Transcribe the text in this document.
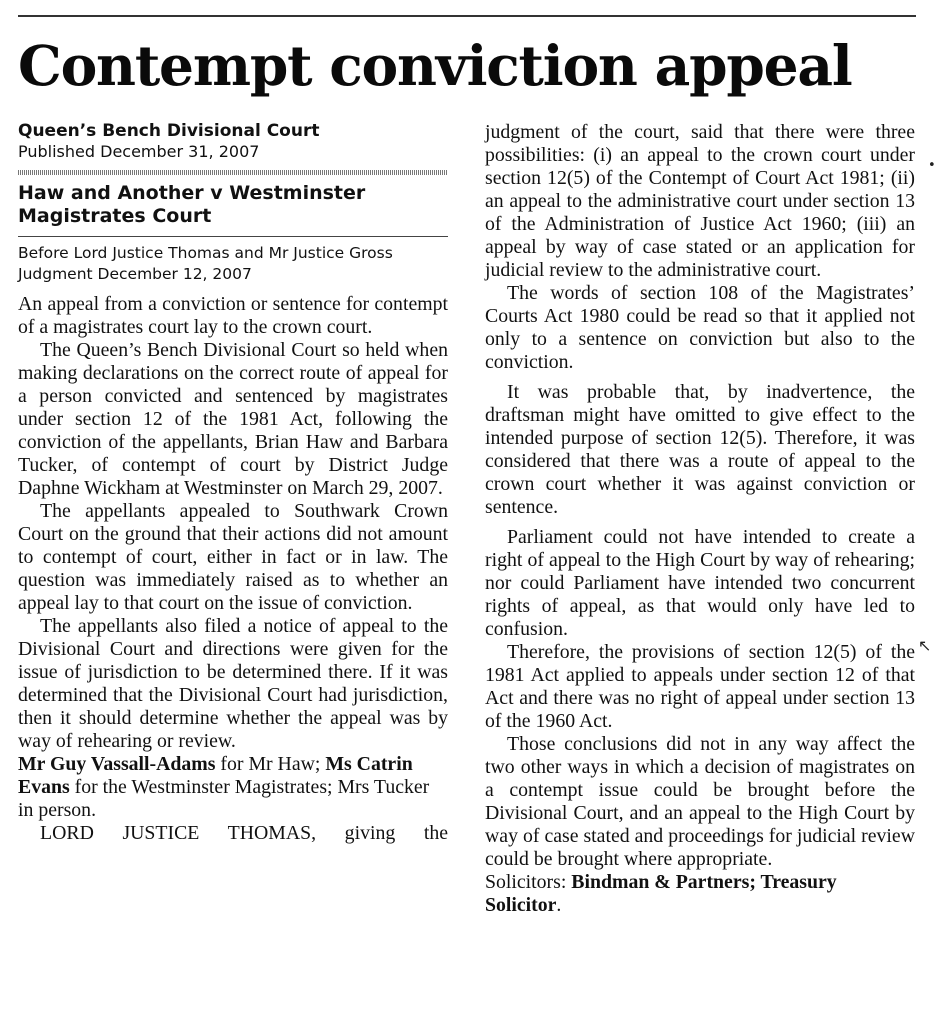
Contempt conviction appeal
Queen’s Bench Divisional Court
Published December 31, 2007
Haw and Another v Westminster Magistrates Court
Before Lord Justice Thomas and Mr Justice Gross
Judgment December 12, 2007

An appeal from a conviction or sentence for contempt of a magistrates court lay to the crown court.

The Queen’s Bench Divisional Court so held when making declarations on the correct route of appeal for a person convicted and sentenced by magistrates under section 12 of the 1981 Act, following the conviction of the appellants, Brian Haw and Barbara Tucker, of contempt of court by District Judge Daphne Wickham at Westminster on March 29, 2007.

The appellants appealed to Southwark Crown Court on the ground that their actions did not amount to contempt of court, either in fact or in law. The question was immediately raised as to whether an appeal lay to that court on the issue of conviction.

The appellants also filed a notice of appeal to the Divisional Court and directions were given for the issue of jurisdiction to be determined there. If it was determined that the Divisional Court had jurisdiction, then it should determine whether the appeal was by way of rehearing or review.

Mr Guy Vassall-Adams for Mr Haw; Ms Catrin Evans for the Westminster Magistrates; Mrs Tucker in person.

LORD JUSTICE THOMAS, giving the

judgment of the court, said that there were three possibilities: (i) an appeal to the crown court under section 12(5) of the Contempt of Court Act 1981; (ii) an appeal to the administrative court under section 13 of the Administration of Justice Act 1960; (iii) an appeal by way of case stated or an application for judicial review to the administrative court.

The words of section 108 of the Magistrates’ Courts Act 1980 could be read so that it applied not only to a sentence on conviction but also to the conviction.

It was probable that, by inadvertence, the draftsman might have omitted to give effect to the intended purpose of section 12(5). Therefore, it was considered that there was a route of appeal to the crown court whether it was against conviction or sentence.

Parliament could not have intended to create a right of appeal to the High Court by way of rehearing; nor could Parliament have intended two concurrent rights of appeal, as that would only have led to confusion.

Therefore, the provisions of section 12(5) of the 1981 Act applied to appeals under section 12 of that Act and there was no right of appeal under section 13 of the 1960 Act.

Those conclusions did not in any way affect the two other ways in which a decision of magistrates on a contempt issue could be brought before the Divisional Court, and an appeal to the High Court by way of case stated and proceedings for judicial review could be brought where appropriate.

Solicitors: Bindman & Partners; Treasury Solicitor.

•
↖
